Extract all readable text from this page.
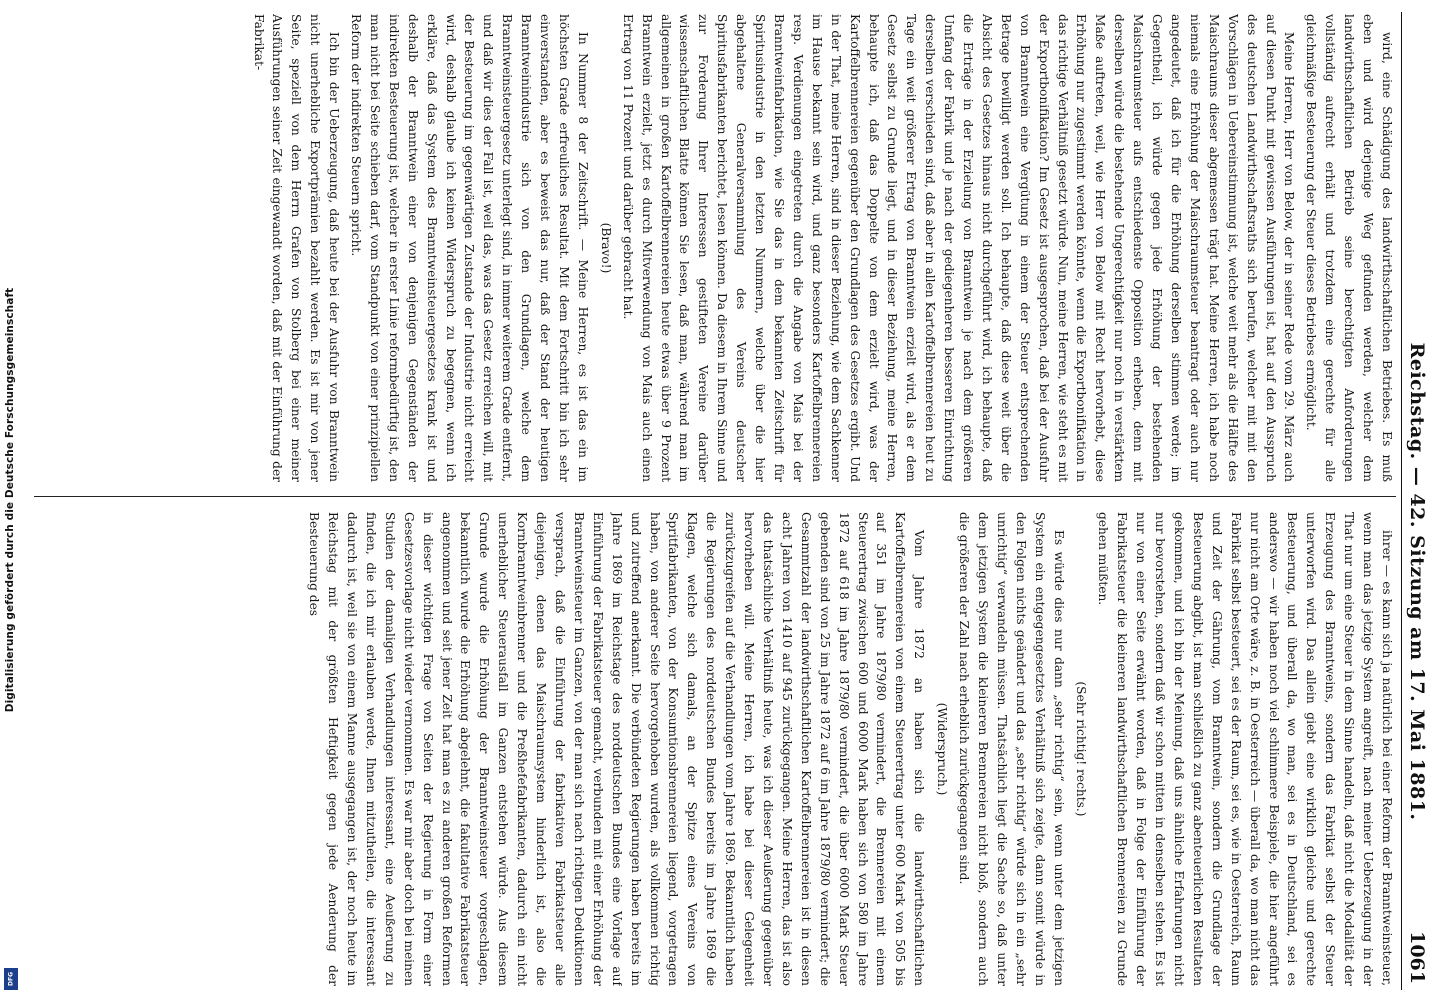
Digitalisierung gefördert durch die Deutsche Forschungsgemeinschaft
DFG
Reichstag. — 42. Sitzung am 17. Mai 1881.
1061

wird, eine Schädigung des landwirthschaftlichen Betriebes. Es muß eben und wird derjenige Weg gefunden werden, welcher dem landwirthschaftlichen Betrieb seine berechtigten Anforderungen vollständig aufrecht erhält und trotzdem eine gerechte für alle gleichmäßige Besteuerung der Steuer dieses Betriebes ermöglicht.

Meine Herren, Herr von Below, der in seiner Rede vom 29. März auch auf diesen Punkt mit gewissen Ausführungen ist, hat auf den Ausspruch des deutschen Landwirthschaftsraths sich berufen, welcher mit mit den Vorschlägen in Uebereinstimmung ist, welche weit mehr als die Hälfte des Maischraums dieser abgemessen trägt hat. Meine Herren, ich habe noch niemals eine Erhöhung der Maischraumsteuer beantragt oder auch nur angedeutet, daß ich für die Erhöhung derselben stimmen werde; im Gegentheil, ich würde gegen jede Erhöhung der bestehenden Maischraumsteuer aufs entschiedenste Opposition erheben, denn mit derselben würde die bestehende Ungerechtigkeit nur noch in verstärktem Maße auftreten, weil, wie Herr von Below mit Recht hervorhebt, diese Erhöhung nur zugestimmt werden könnte, wenn die Exportbonifikation in das richtige Verhältniß gesetzt würde. Nun, meine Herren, wie steht es mit der Exportbonifikation? Im Gesetz ist ausgesprochen, daß bei der Ausfuhr von Branntwein eine Vergütung in einem der Steuer entsprechenden Betrage bewilligt werden soll. Ich behaupte, daß diese weit über die Absicht des Gesetzes hinaus nicht durchgeführt wird, ich behaupte, daß die Erträge in der Erzielung von Branntwein je nach dem größeren Umfang der Fabrik und je nach der gediegenheren besseren Einrichtung derselben verschieden sind, daß aber in allen Kartoffelbrennereien heut zu Tage ein weit größerer Ertrag von Branntwein erzielt wird, als er dem Gesetz selbst zu Grunde liegt, und in dieser Beziehung, meine Herren, behaupte ich, daß das Doppelte von dem erzielt wird, was der Kartoffelbrennereien gegenüber den Grundlagen des Gesetzes ergibt. Und in der That, meine Herren, sind in dieser Beziehung, wie dem Sachkenner im Hause bekannt sein wird, und ganz besonders Kartoffelbrennereien resp. Verdienungen eingetreten durch die Angabe von Mais bei der Branntweinfabrikation, wie Sie das in dem bekannten Zeitschrift für Spiritusindustrie in den letzten Nummern, welche über die hier abgehaltene Generalversammlung des Vereins deutscher Spiritusfabrikanten berichtet, lesen können. Da diesem in Ihrem Sinne und zur Forderung Ihrer Interessen gestifteten Vereine darüber wissenschaftlichen Blatte können Sie lesen, daß man, während man im allgemeinen in großen Kartoffelbrennereien heute etwas über 9 Prozent Branntwein erzielt, jetzt es durch Mitverwendung von Mais auch einen Ertrag von 11 Prozent und darüber gebracht hat.

(Bravo!)

In Nummer 8 der Zeitschrift. — Meine Herren, es ist das ein im höchsten Grade erfreuliches Resultat. Mit dem Fortschritt bin ich sehr einverstanden, aber es beweist das nur, daß der Stand der heutigen Branntweinindustrie sich von den Grundlagen, welche dem Branntweinsteuergesetz unterlegt sind, in immer weiterem Grade entfernt, und daß wir dies der Fall ist, weil das, was das Gesetz erreichen will, mit der Besteuerung im gegenwärtigen Zustande der Industrie nicht erreicht wird, deshalb glaube ich keinen Widerspruch zu begegnen, wenn ich erkläre, daß das System des Branntweinsteuergesetzes krank ist und deshalb der Branntwein einer von denjenigen Gegenständen der indirekten Besteuerung ist, welcher in erster Linie reformbedürftig ist, den man nicht bei Seite schieben darf, vom Standpunkt von einer prinzipiellen Reform der indirekten Steuern spricht.

Ich bin der Ueberzeugung, daß heute bei der Ausfuhr von Branntwein nicht unerhebliche Exportprämien bezahlt werden. Es ist mir von jener Seite, speziell von dem Herrn Grafen von Stolberg bei einer meiner Ausführungen seiner Zeit eingewandt worden, daß mit der Einführung der Fabrikat-

ihrer — es kann sich ja natürlich bei einer Reform der Branntweinsteuer, wenn man das jetzige System angreift, nach meiner Ueberzeugung in der That nur um eine Steuer in dem Sinne handeln, daß nicht die Modalität der Erzeugung des Branntweins, sondern das Fabrikat selbst der Steuer unterworfen wird. Das allein giebt eine wirklich gleiche und gerechte Besteuerung, und überall da, wo man, sei es in Deutschland, sei es anderswo — wir haben noch viel schlimmere Beispiele, die hier angeführt nur nicht am Orte wäre, z. B. in Oesterreich — überall da, wo man nicht das Fabrikat selbst besteuert, sei es der Raum, sei es, wie in Oesterreich, Raum und Zeit der Gährung, vom Branntwein, sondern die Grundlage der Besteuerung abgibt, ist man schließlich zu ganz abenteuerlichen Resultaten gekommen, und ich bin der Meinung, daß uns ähnliche Erfahrungen nicht nur bevorstehen, sondern daß wir schon mitten in denselben stehen. Es ist nur von einer Seite erwähnt worden, daß in Folge der Einführung der Fabrikatsteuer die kleineren landwirthschaftlichen Brennereien zu Grunde gehen müßten.

(Sehr richtig! rechts.)

Es würde dies nur dann „sehr richtig“ sein, wenn unter dem jetzigen System ein entgegengesetztes Verhältniß sich zeigte, dann somit würde in den Folgen nichts geändert und das „sehr richtig“ würde sich in ein „sehr unrichtig“ verwandeln müssen. Thatsächlich liegt die Sache so, daß unter dem jetzigen System die kleineren Brennereien nicht bloß, sondern auch die größeren der Zahl nach erheblich zurückgegangen sind.

(Widerspruch.)

Vom Jahre 1872 an haben sich die landwirthschaftlichen Kartoffelbrennereien von einem Steuerertrag unter 600 Mark von 505 bis auf 351 im Jahre 1879/80 vermindert, die Brennereien mit einem Steuerertrag zwischen 600 und 6000 Mark haben sich von 580 im Jahre 1872 auf 618 im Jahre 1879/80 vermindert, die über 6000 Mark Steuer gebenden sind von 25 im Jahre 1872 auf 6 im Jahre 1879/80 vermindert; die Gesammtzahl der landwirthschaftlichen Kartoffelbrennereien ist in diesen acht Jahren von 1410 auf 945 zurückgegangen. Meine Herren, das ist also das thatsächliche Verhältniß heute, was ich dieser Aeußerung gegenüber hervorheben will. Meine Herren, ich habe bei dieser Gelegenheit zurückzugreifen auf die Verhandlungen vom Jahre 1869. Bekanntlich haben die Regierungen des norddeutschen Bundes bereits im Jahre 1869 die Klagen, welche sich damals, an der Spitze eines Vereins von Spritfabrikanten, von der Konsumtionsbrennereien liegend, vorgetragen haben, von anderer Seite hervorgehoben wurden, als vollkommen richtig und zutreffend anerkannt. Die verbündeten Regierungen haben bereits im Jahre 1869 im Reichstage des norddeutschen Bundes eine Vorlage auf Einführung der Fabrikatsteuer gemacht, verbunden mit einer Erhöhung der Branntweinsteuer im Ganzen, von der man sich nach richtigen Deduktionen versprach, daß die Einführung der fabrikativen Fabrikatsteuer alle diejenigen, denen das Maischraumsystem hinderlich ist, also die Kornbranntweinbrenner und die Preßhefefabrikanten, dadurch ein nicht unerheblicher Steuerausfall im Ganzen entstehen würde. Aus diesem Grunde wurde die Erhöhung der Branntweinsteuer vorgeschlagen, bekanntlich wurde die Erhöhung abgelehnt, die fakultative Fabrikatsteuer angenommen und seit jener Zeit hat man es zu anderen großen Reformen in dieser wichtigen Frage von Seiten der Regierung in Form einer Gesetzesvorlage nicht wieder vernommen. Es war mir aber doch bei meinen Studien der damaligen Verhandlungen interessant, eine Aeußerung zu finden, die ich mir erlauben werde, Ihnen mitzutheilen, die interessant dadurch ist, weil sie von einem Manne ausgegangen ist, der noch heute im Reichstag mit der größten Heftigkeit gegen jede Aenderung der Besteuerung des
